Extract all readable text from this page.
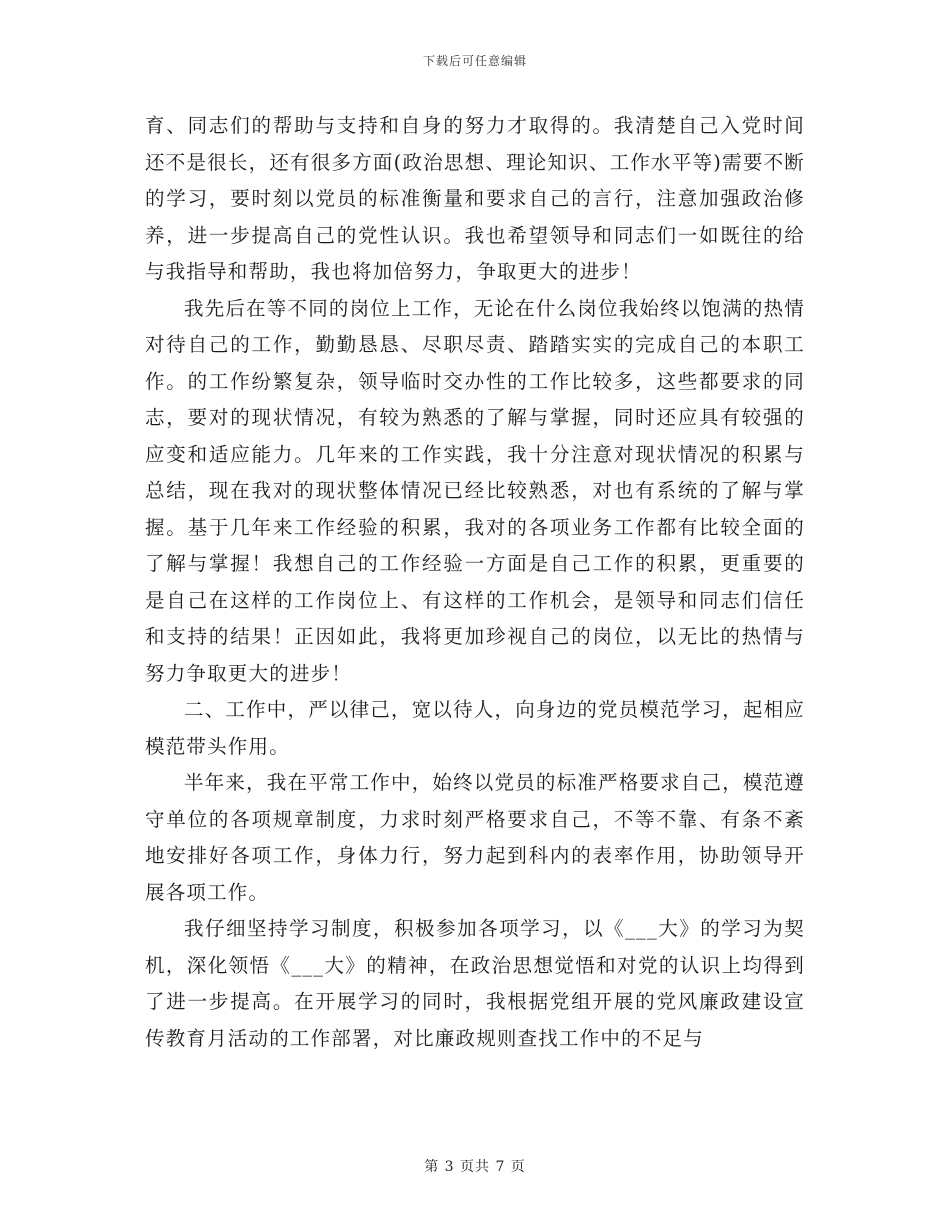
下载后可任意编辑

育、同志们的帮助与支持和自身的努力才取得的。我清楚自己入党时间还不是很长，还有很多方面(政治思想、理论知识、工作水平等)需要不断的学习，要时刻以党员的标准衡量和要求自己的言行，注意加强政治修养，进一步提高自己的党性认识。我也希望领导和同志们一如既往的给与我指导和帮助，我也将加倍努力，争取更大的进步！

我先后在等不同的岗位上工作，无论在什么岗位我始终以饱满的热情对待自己的工作，勤勤恳恳、尽职尽责、踏踏实实的完成自己的本职工作。的工作纷繁复杂，领导临时交办性的工作比较多，这些都要求的同志，要对的现状情况，有较为熟悉的了解与掌握，同时还应具有较强的应变和适应能力。几年来的工作实践，我十分注意对现状情况的积累与总结，现在我对的现状整体情况已经比较熟悉，对也有系统的了解与掌握。基于几年来工作经验的积累，我对的各项业务工作都有比较全面的了解与掌握！我想自己的工作经验一方面是自己工作的积累，更重要的是自己在这样的工作岗位上、有这样的工作机会，是领导和同志们信任和支持的结果！正因如此，我将更加珍视自己的岗位，以无比的热情与努力争取更大的进步！

二、工作中，严以律己，宽以待人，向身边的党员模范学习，起相应模范带头作用。

半年来，我在平常工作中，始终以党员的标准严格要求自己，模范遵守单位的各项规章制度，力求时刻严格要求自己，不等不靠、有条不紊地安排好各项工作，身体力行，努力起到科内的表率作用，协助领导开展各项工作。

我仔细坚持学习制度，积极参加各项学习，以《___大》的学习为契机，深化领悟《___大》的精神，在政治思想觉悟和对党的认识上均得到了进一步提高。在开展学习的同时，我根据党组开展的党风廉政建设宣传教育月活动的工作部署，对比廉政规则查找工作中的不足与

第 3 页共 7 页
